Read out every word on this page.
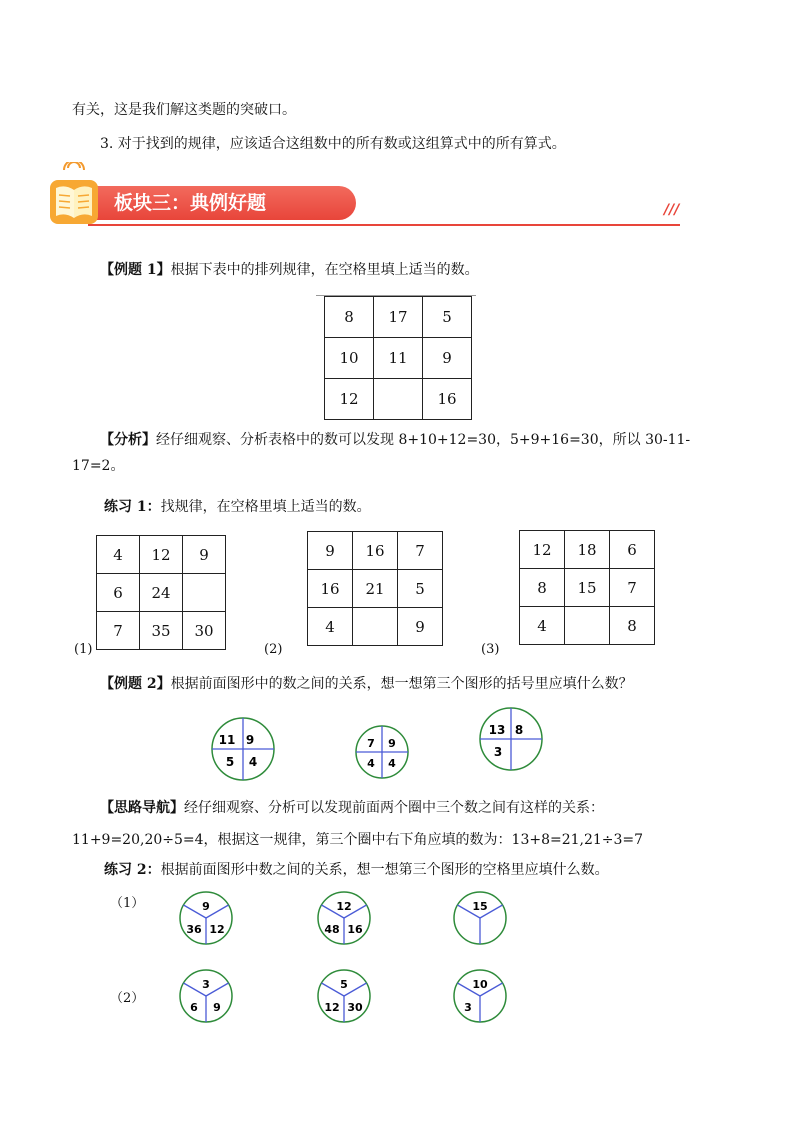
有关，这是我们解这类题的突破口。
3. 对于找到的规律，应该适合这组数中的所有数或这组算式中的所有算式。
板块三：典例好题	///
【例题 1】根据下表中的排列规律，在空格里填上适当的数。
8	17	5
10	11	9
12		16
【分析】经仔细观察、分析表格中的数可以发现 8+10+12=30，5+9+16=30，所以 30-11-
17=2。
练习 1：找规律，在空格里填上适当的数。
4	12	9
6	24	
7	35	30
(1)
9	16	7
16	21	5
4		9
(2)
12	18	6
8	15	7
4		8
(3)
【例题 2】根据前面图形中的数之间的关系，想一想第三个图形的括号里应填什么数？
11 9
5 4
7 9
4 4
13 8
3
【思路导航】经仔细观察、分析可以发现前面两个圈中三个数之间有这样的关系：
11+9=20,20÷5=4，根据这一规律，第三个圈中右下角应填的数为：13+8=21,21÷3=7
练习 2：根据前面图形中数之间的关系，想一想第三个图形的空格里应填什么数。
（1）	9
36 12
12
48 16
15
（2）
3
6 9
5
12 30
10
3
